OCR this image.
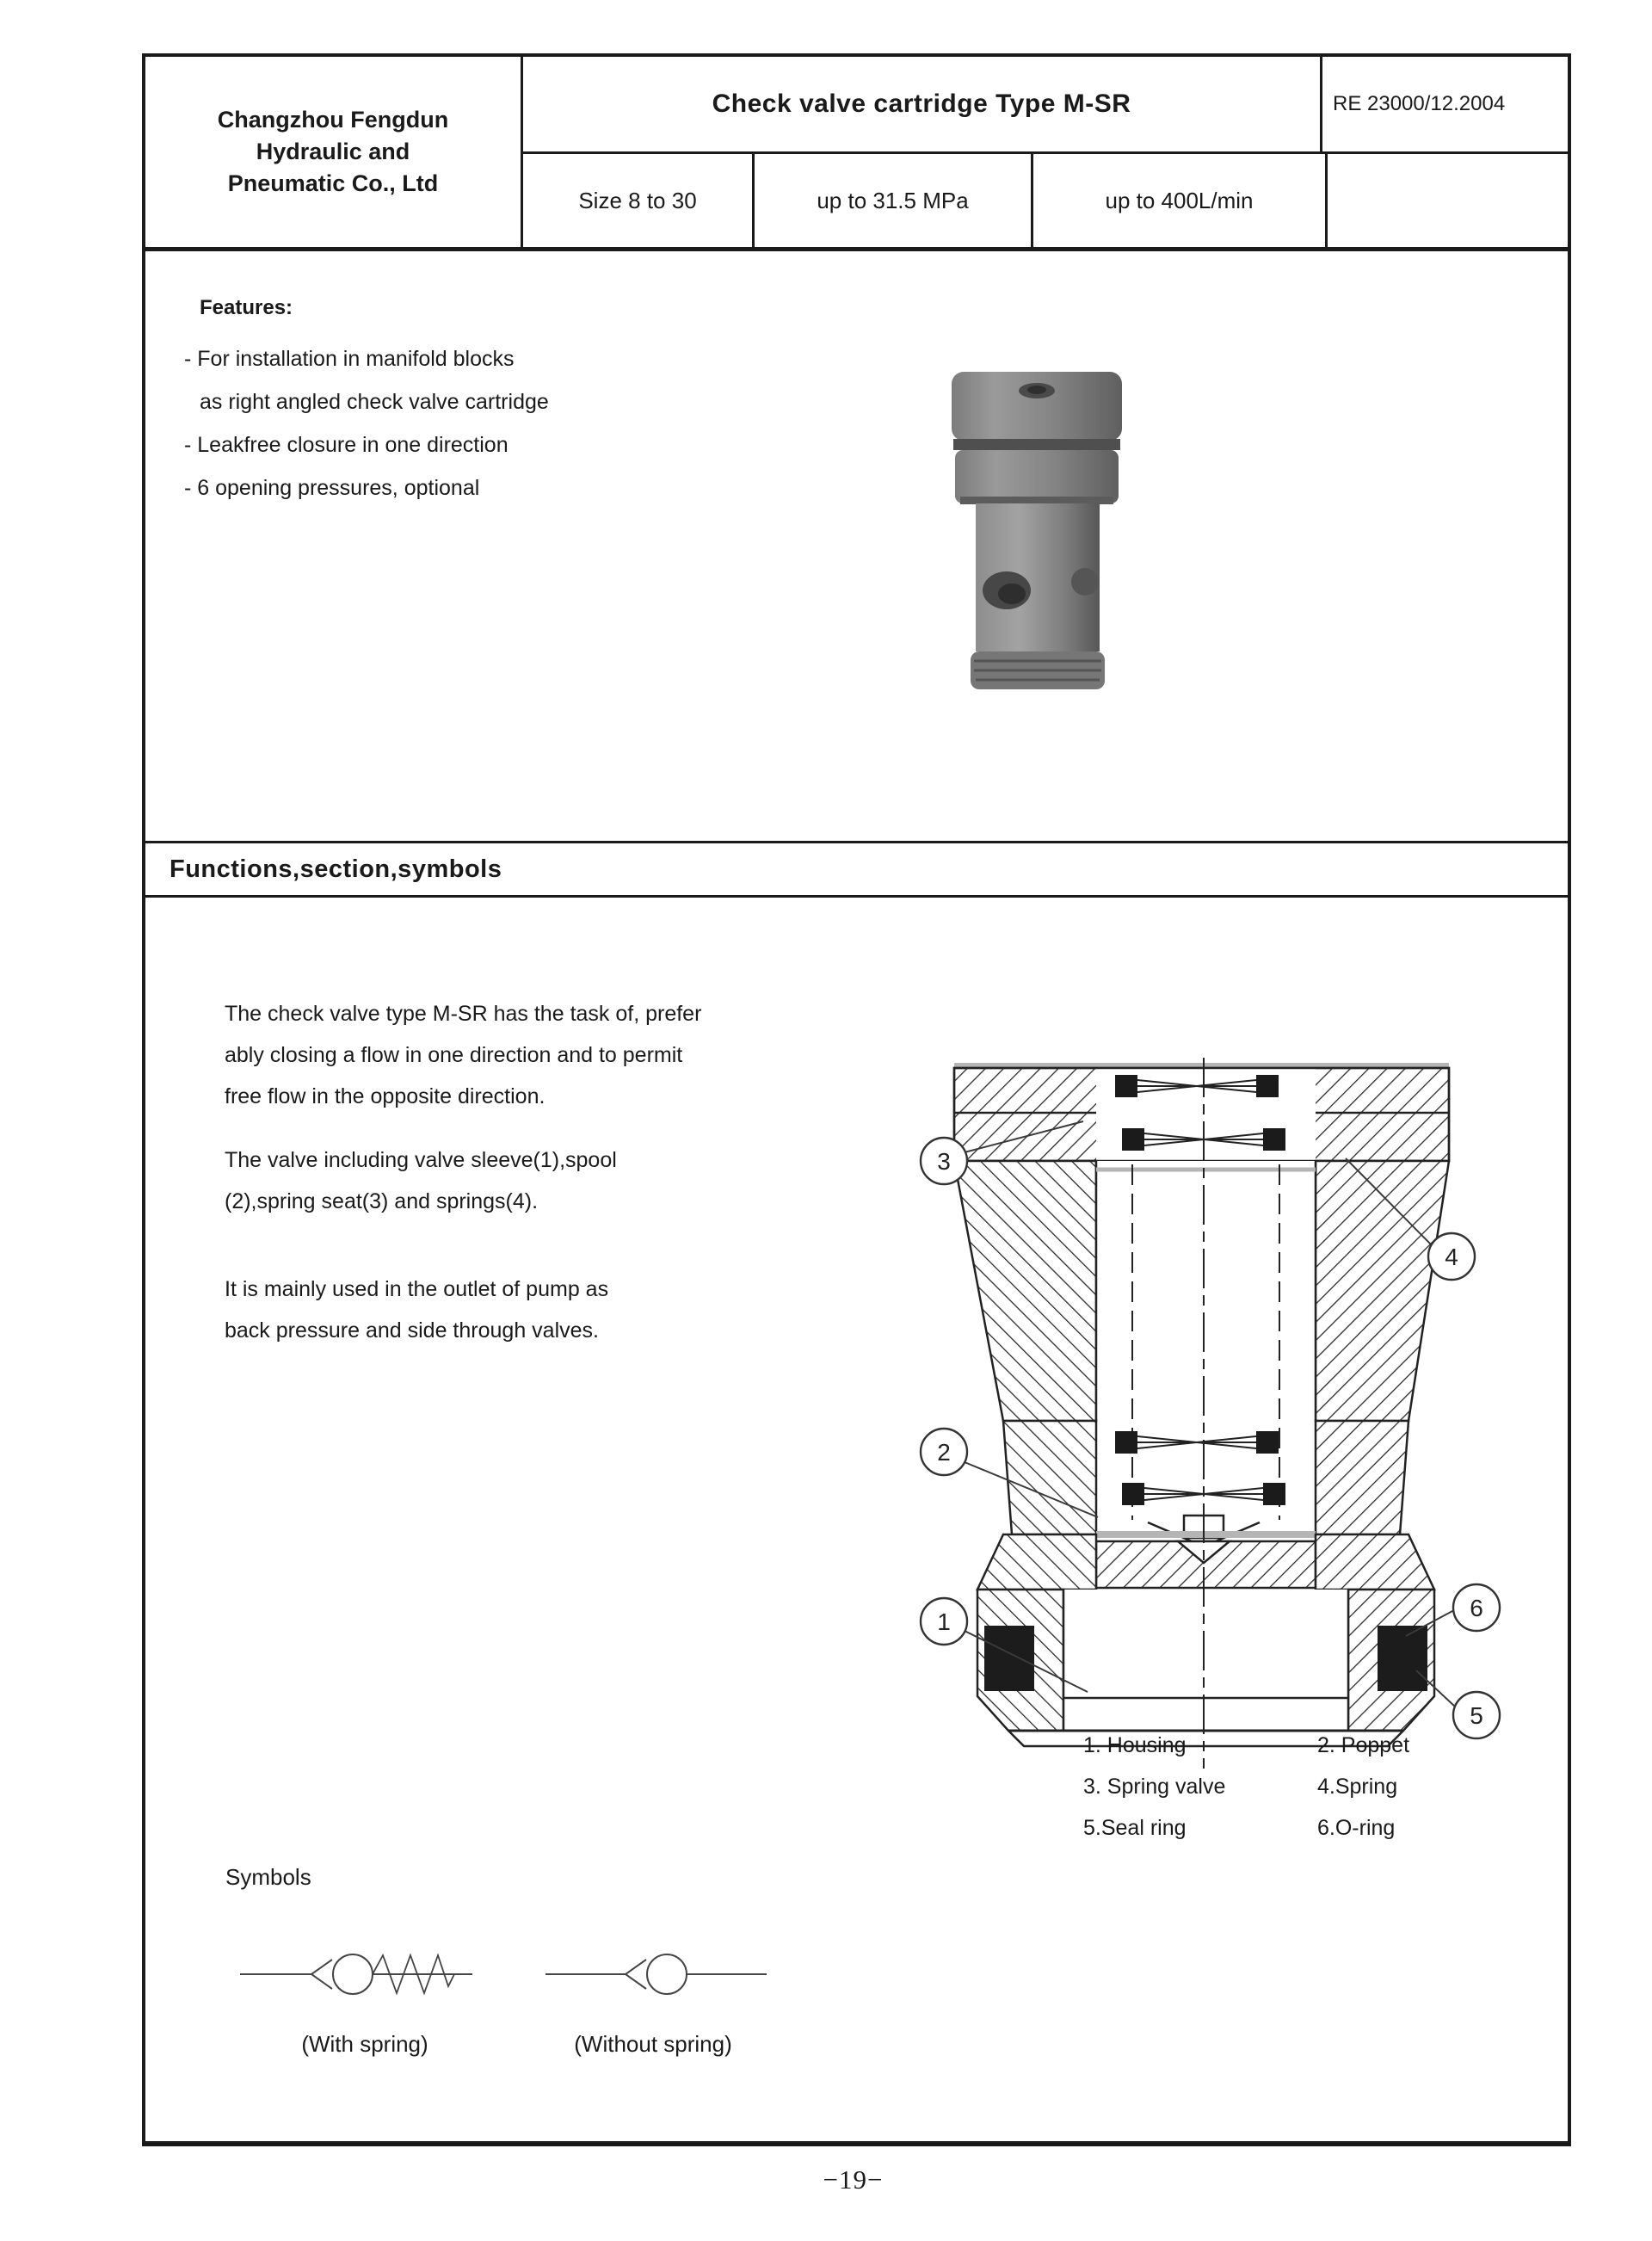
Changzhou Fengdun
Hydraulic and
Pneumatic Co., Ltd
Check valve cartridge Type M-SR	RE 23000/12.2004
Size 8 to 30	up to 31.5 MPa	up to 400L/min
Features:
- For installation in manifold blocks
as right angled check valve cartridge
- Leakfree closure in one direction
- 6 opening pressures, optional
Functions,section,symbols
The check valve type M-SR has the task of, prefer
ably closing a flow in one direction and to permit
free flow in the opposite direction.
The valve including valve sleeve(1),spool
(2),spring seat(3) and springs(4).
It is mainly used in the outlet of pump as
back pressure and side through valves.
3
4
2
1
6
5
1. Housing	2. Poppet
3. Spring valve	4.Spring
5.Seal ring	6.O-ring
Symbols
(With spring)	(Without spring)
−19−
